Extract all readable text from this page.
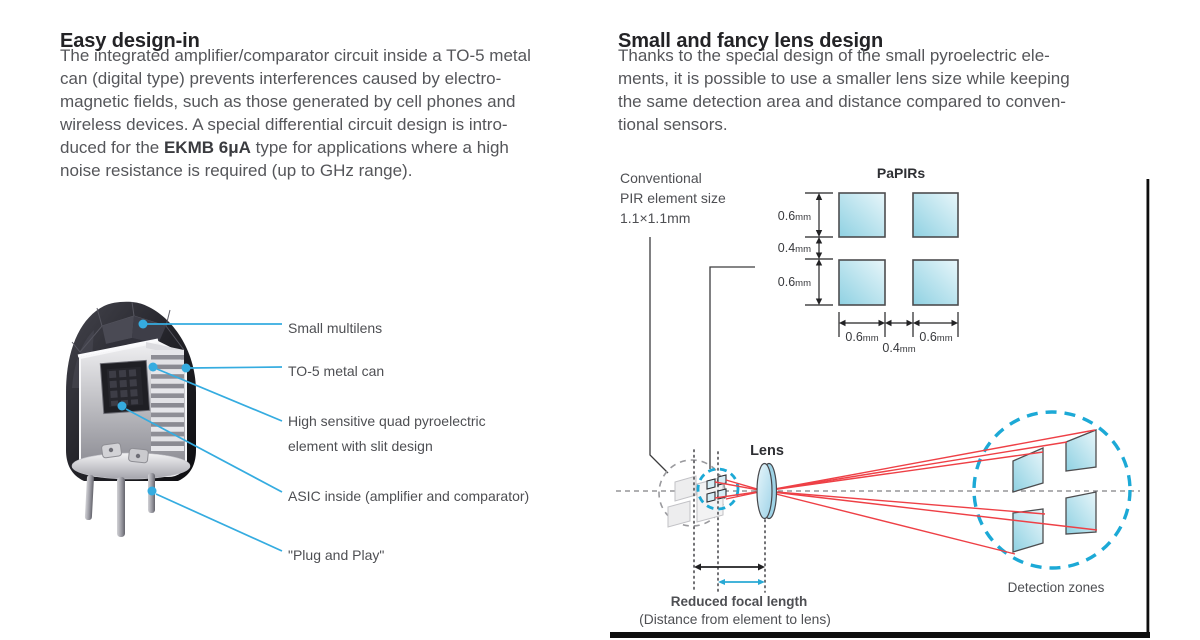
Easy design-in
The integrated amplifier/comparator circuit inside a TO-5 metal
can (digital type) prevents interferences caused by electro-
magnetic fields, such as those generated by cell phones and
wireless devices. A special differential circuit design is intro-
duced for the EKMB 6μA type for applications where a high
noise resistance is required (up to GHz range).
Small and fancy lens design
Thanks to the special design of the small pyroelectric ele-
ments, it is possible to use a smaller lens size while keeping
the same detection area and distance compared to conven-
tional sensors.
Small multilens
TO-5 metal can
High sensitive quad pyroelectric
element with slit design
ASIC inside (amplifier and comparator)
"Plug and Play"
Conventional
PIR element size
1.1×1.1mm
PaPIRs
0.6mm
0.4mm
0.6mm
0.6mm
0.4mm
0.6mm
Lens
Reduced focal length
(Distance from element to lens)
Detection zones
